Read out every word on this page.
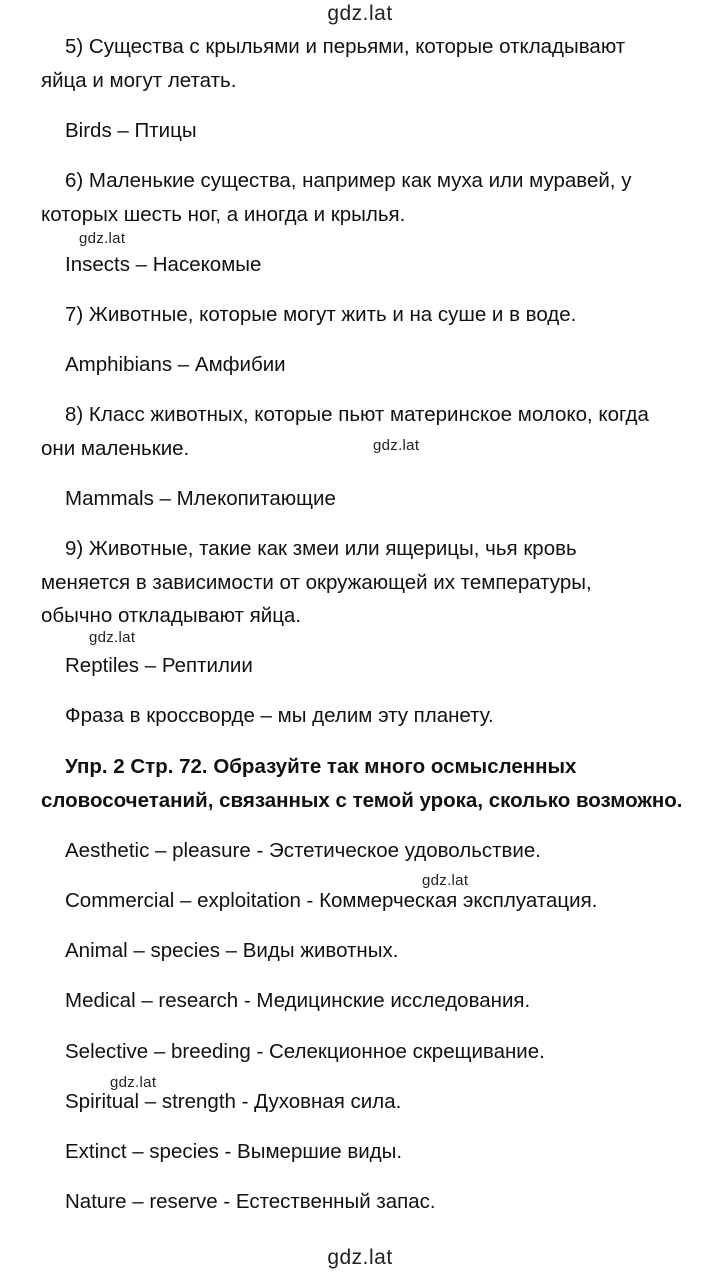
gdz.lat
5) Существа с крыльями и перьями, которые откладывают
яйца и могут летать.
Birds – Птицы
6) Маленькие существа, например как муха или муравей, у
которых шесть ног, а иногда и крылья.
gdz.lat
Insects – Насекомые
7) Животные, которые могут жить и на суше и в воде.
Amphibians – Амфибии
8) Класс животных, которые пьют материнское молоко, когда
они маленькие.	gdz.lat
Mammals – Млекопитающие
9) Животные, такие как змеи или ящерицы, чья кровь
меняется в зависимости от окружающей их температуры,
обычно откладывают яйца.
gdz.lat
Reptiles – Рептилии
Фраза в кроссворде – мы делим эту планету.
Упр. 2 Стр. 72. Образуйте так много осмысленных
словосочетаний, связанных с темой урока, сколько возможно.
Aesthetic – pleasure - Эстетическое удовольствие.
gdz.lat
Commercial – exploitation - Коммерческая эксплуатация.
Animal – species – Виды животных.
Medical – research - Медицинские исследования.
Selective – breeding - Селекционное скрещивание.
gdz.lat
Spiritual – strength - Духовная сила.
Extinct – species - Вымершие виды.
Nature – reserve - Естественный запас.
gdz.lat
